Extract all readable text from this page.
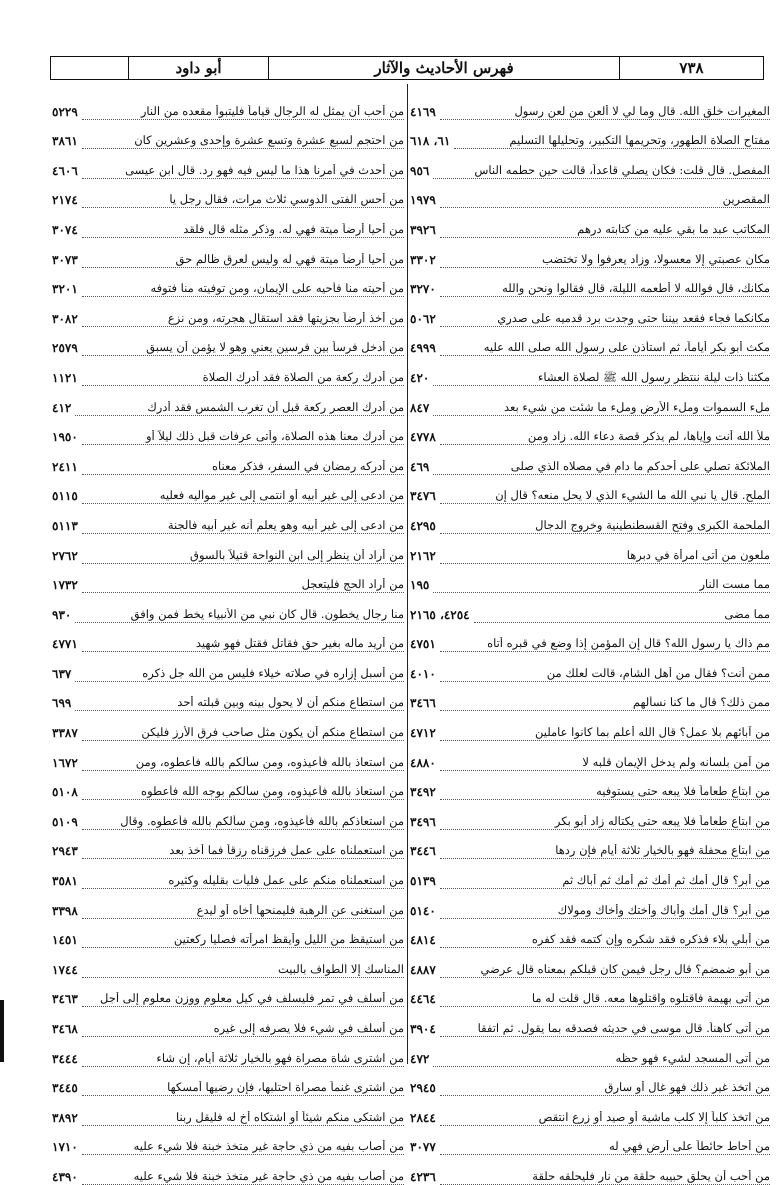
٧٣٨
فهرس الأحاديث والآثار
أبو داود
المغيرات خلق الله. قال وما لي لا ألعن من لعن رسول
٤١٦٩
مفتاح الصلاة الطهور، وتحريمها التكبير، وتحليلها التسليم
٦١، ٦١٨
المفصل. قال قلت: فكان يصلي قاعداً، قالت حين حطمه الناس
٩٥٦
المقصرين
١٩٧٩
المكاتب عبد ما بقي عليه من كتابته درهم
٣٩٢٦
مكان عصبتي إلا معسولا، وزاد يعرفوا ولا تختضب
٣٣٠٢
مكانك، قال فوالله لا أطعمه الليلة، قال فقالوا ونحن والله
٣٢٧٠
مكانكما فجاء فقعد بيننا حتى وجدت برد قدميه على صدري
٥٠٦٢
مكث أبو بكر أياماً، ثم استأذن على رسول الله صلى الله عليه
٤٩٩٩
مكثنا ذات ليلة ننتظر رسول الله ﷺ لصلاة العشاء
٤٢٠
ملء السموات وملء الأرض وملء ما شئت من شيء بعد
٨٤٧
ملأ الله أنت وإياها، لم يذكر قصة دعاء الله. زاد ومن
٤٧٧٨
الملائكة تصلي على أحدكم ما دام في مصلاه الذي صلى
٤٦٩
الملح. قال يا نبي الله ما الشيء الذي لا يحل منعه؟ قال إن
٣٤٧٦
الملحمة الكبرى وفتح القسطنطينية وخروج الدجال
٤٢٩٥
ملعون من أتى امرأة في دبرها
٢١٦٢
مما مست النار
١٩٥
مما مضى
٤٢٥٤، ٢١٦٥
مم ذاك يا رسول الله؟ قال إن المؤمن إذا وضع في قبره أتاه
٤٧٥١
ممن أنت؟ فقال من أهل الشام، قالت لعلك من
٤٠١٠
ممن ذلك؟ قال ما كنا نسألهم
٣٤٦٦
من آبائهم بلا عمل؟ قال الله أعلم بما كانوا عاملين
٤٧١٢
من آمن بلسانه ولم يدخل الإيمان قلبه لا
٤٨٨٠
من ابتاع طعاماً فلا يبعه حتى يستوفيه
٣٤٩٢
من ابتاع طعاماً فلا يبعه حتى يكتاله زاد أبو بكر
٣٤٩٦
من ابتاع محفلة فهو بالخيار ثلاثة أيام فإن ردها
٣٤٤٦
من أبر؟ قال أمك ثم أمك ثم أمك ثم أباك ثم
٥١٣٩
من أبر؟ قال أمك وأباك وأختك وأخاك ومولاك
٥١٤٠
من أبلي بلاء فذكره فقد شكره وإن كتمه فقد كفره
٤٨١٤
من أبو ضمضم؟ قال رجل فيمن كان قبلكم بمعناه قال عرضي
٤٨٨٧
من أتى بهيمة فاقتلوه واقتلوها معه. قال قلت له ما
٤٤٦٤
من أتى كاهناً. قال موسى في حديثه فصدقه بما يقول. ثم اتفقا
٣٩٠٤
من أتى المسجد لشيء فهو حظه
٤٧٢
من اتخذ غير ذلك فهو غال أو سارق
٢٩٤٥
من اتخذ كلباً إلا كلب ماشية أو صيد أو زرع انتقص
٢٨٤٤
من أحاط حائطاً على أرض فهي له
٣٠٧٧
من أحب أن يحلق حبيبه حلقة من نار فليحلقه حلقة
٤٢٣٦
من أحب أن يمثل له الرجال قياماً فليتبوأ مقعده من النار
٥٢٢٩
من احتجم لسبع عشرة وتسع عشرة وإحدى وعشرين كان
٣٨٦١
من أحدث في أمرنا هذا ما ليس فيه فهو رد. قال ابن عيسى
٤٦٠٦
من أحس الفتى الدوسي ثلاث مرات، فقال رجل يا
٢١٧٤
من أحيا أرضاً ميتة فهي له. وذكر مثله قال فلقد
٣٠٧٤
من أحيا أرضاً ميتة فهي له وليس لعرق ظالم حق
٣٠٧٣
من أحيته منا فأحيه على الإيمان، ومن توفيته منا فتوفه
٣٢٠١
من أخذ أرضاً بجزيتها فقد استقال هجرته، ومن نزع
٣٠٨٢
من أدخل فرساً بين فرسين يعني وهو لا يؤمن أن يسبق
٢٥٧٩
من أدرك ركعة من الصلاة فقد أدرك الصلاة
١١٢١
من أدرك العصر ركعة قبل أن تغرب الشمس فقد أدرك
٤١٢
من أدرك معنا هذه الصلاة، وأتى عرفات قبل ذلك ليلاً أو
١٩٥٠
من أدركه رمضان في السفر، فذكر معناه
٢٤١١
من ادعى إلى غير أبيه أو انتمى إلى غير مواليه فعليه
٥١١٥
من ادعى إلى غير أبيه وهو يعلم أنه غير أبيه فالجنة
٥١١٣
من أراد أن ينظر إلى ابن النواحة قتيلاً بالسوق
٢٧٦٢
من أراد الحج فليتعجل
١٧٣٢
منا رجال يخطون. قال كان نبي من الأنبياء يخط فمن وافق
٩٣٠
من أريد ماله بغير حق فقاتل فقتل فهو شهيد
٤٧٧١
من أسبل إزاره في صلاته خيلاء فليس من الله جل ذكره
٦٣٧
من استطاع منكم أن لا يحول بينه وبين قبلته أحد
٦٩٩
من استطاع منكم أن يكون مثل صاحب فرق الأرز فليكن
٣٣٨٧
من استعاذ بالله فأعيذوه، ومن سألكم بالله فأعطوه، ومن
١٦٧٢
من استعاذ بالله فأعيذوه، ومن سألكم بوجه الله فأعطوه
٥١٠٨
من استعاذكم بالله فأعيذوه، ومن سألكم بالله فأعطوه. وقال
٥١٠٩
من استعملناه على عمل فرزقناه رزقاً فما أخذ بعد
٢٩٤٣
من استعملناه منكم على عمل فليأت بقليله وكثيره
٣٥٨١
من استغنى عن الرهبة فليمنحها أخاه أو ليدع
٣٣٩٨
من استيقظ من الليل وأيقظ امرأته فصليا ركعتين
١٤٥١
المناسك إلا الطواف بالبيت
١٧٤٤
من أسلف في تمر فليسلف في كيل معلوم ووزن معلوم إلى أجل
٣٤٦٣
من أسلف في شيء فلا يصرفه إلى غيره
٣٤٦٨
من اشترى شاة مصراة فهو بالخيار ثلاثة أيام، إن شاء
٣٤٤٤
من اشترى غنماً مصراة احتلبها، فإن رضيها أمسكها
٣٤٤٥
من اشتكى منكم شيئاً أو اشتكاه أخ له فليقل ربنا
٣٨٩٢
من أصاب بفيه من ذي حاجة غير متخذ خبنة فلا شيء عليه
١٧١٠
من أصاب بفيه من ذي حاجة غير متخذ خبنة فلا شيء عليه
٤٣٩٠
